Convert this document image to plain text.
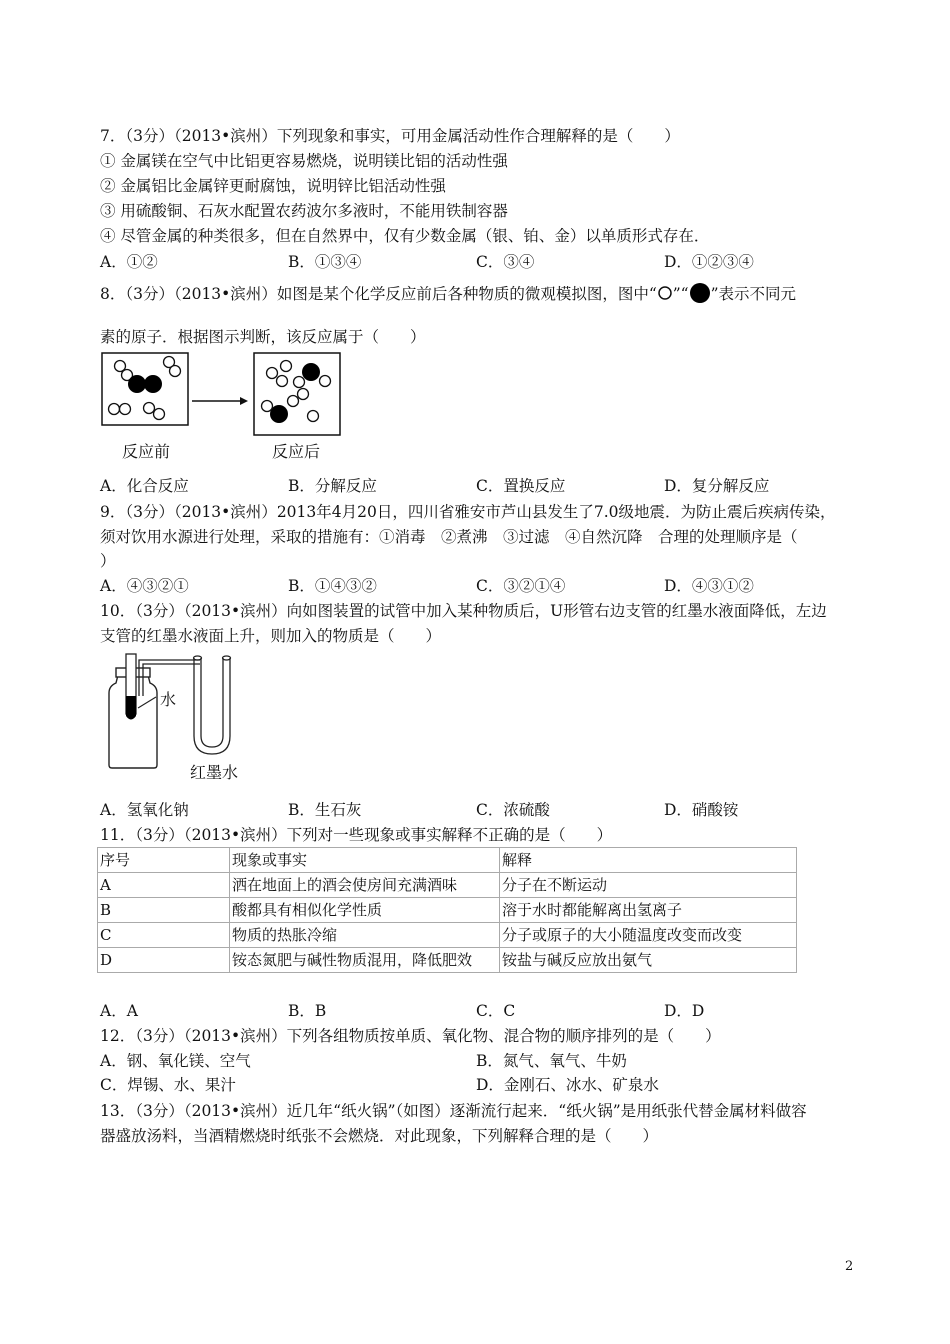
7．（3分）（2013•滨州）下列现象和事实，可用金属活动性作合理解释的是（　　）
① 金属镁在空气中比铝更容易燃烧，说明镁比铝的活动性强
② 金属铝比金属锌更耐腐蚀，说明锌比铝活动性强
③ 用硫酸铜、石灰水配置农药波尔多液时，不能用铁制容器
④ 尽管金属的种类很多，但在自然界中，仅有少数金属（银、铂、金）以单质形式存在．
A．①②	B．①③④	C．③④	D．①②③④
8．（3分）（2013•滨州）如图是某个化学反应前后各种物质的微观模拟图，图中“ ”“ ”表示不同元
素的原子．根据图示判断，该反应属于（　　）
反应前	反应后
A．化合反应	B．分解反应	C．置换反应	D．复分解反应
9．（3分）（2013•滨州）2013年4月20日，四川省雅安市芦山县发生了7.0级地震．为防止震后疾病传染，
须对饮用水源进行处理，采取的措施有：①消毒　②煮沸　③过滤　④自然沉降　合理的处理顺序是（
）
A．④③②①	B．①④③②	C．③②①④	D．④③①②
10．（3分）（2013•滨州）向如图装置的试管中加入某种物质后，U形管右边支管的红墨水液面降低，左边
支管的红墨水液面上升，则加入的物质是（　　）
水
红墨水
A．氢氧化钠	B．生石灰	C．浓硫酸	D．硝酸铵
11．（3分）（2013•滨州）下列对一些现象或事实解释不正确的是（　　）
序号	现象或事实	解释
A	洒在地面上的酒会使房间充满酒味	分子在不断运动
B	酸都具有相似化学性质	溶于水时都能解离出氢离子
C	物质的热胀冷缩	分子或原子的大小随温度改变而改变
D	铵态氮肥与碱性物质混用，降低肥效	铵盐与碱反应放出氨气
A．A	B．B	C．C	D．D
12．（3分）（2013•滨州）下列各组物质按单质、氧化物、混合物的顺序排列的是（　　）
A．钢、氧化镁、空气	B．氮气、氧气、牛奶
C．焊锡、水、果汁	D．金刚石、冰水、矿泉水
13．（3分）（2013•滨州）近几年“纸火锅”（如图）逐渐流行起来．“纸火锅”是用纸张代替金属材料做容
器盛放汤料，当酒精燃烧时纸张不会燃烧．对此现象，下列解释合理的是（　　）
2
